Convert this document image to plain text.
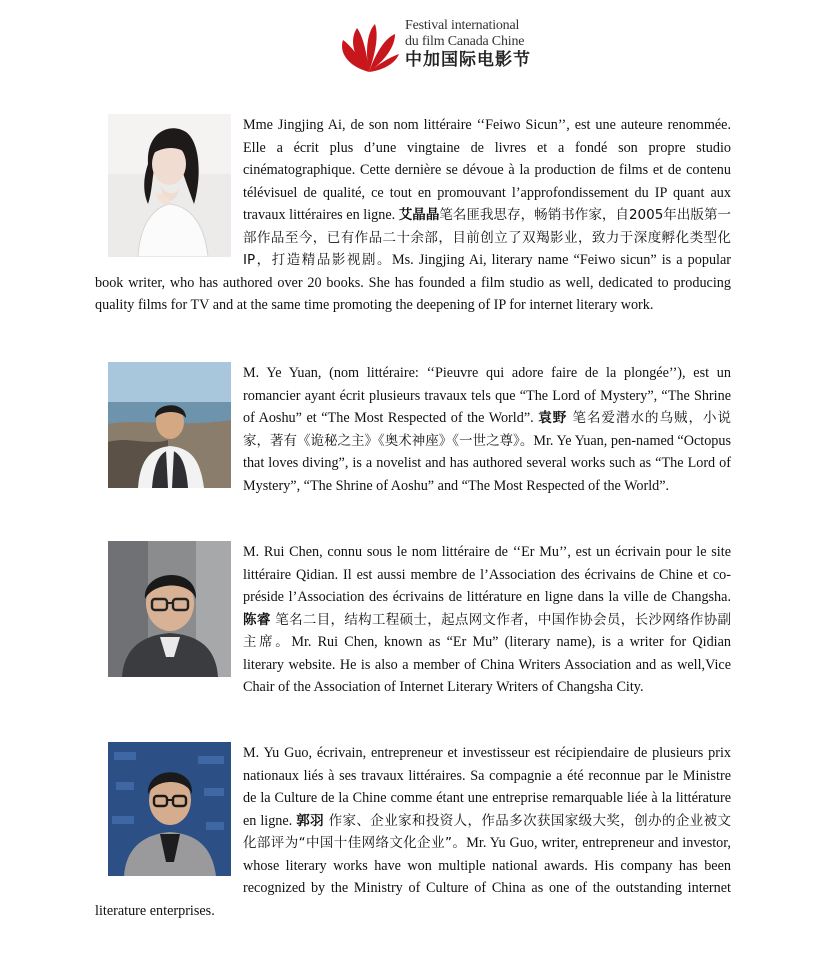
Festival international
du film Canada Chine
中加国际电影节

Mme Jingjing Ai, de son nom littéraire ‘‘Feiwo Sicun’’, est une auteure renommée. Elle a écrit plus d’une vingtaine de livres et a fondé son propre studio cinématographique. Cette dernière se dévoue à la production de films et de contenu télévisuel de qualité, ce tout en promouvant l’approfondissement du IP quant aux travaux littéraires en ligne. 艾晶晶笔名匪我思存，畅销书作家，自2005年出版第一部作品至今，已有作品二十余部，目前创立了双羯影业，致力于深度孵化类型化IP，打造精品影视剧。Ms. Jingjing Ai, literary name “Feiwo sicun” is a popular book writer, who has authored over 20 books. She has founded a film studio as well, dedicated to producing quality films for TV and at the same time promoting the deepening of IP for internet literary work.

M. Ye Yuan, (nom littéraire: ‘‘Pieuvre qui adore faire de la plongée’’), est un romancier ayant écrit plusieurs travaux tels que “The Lord of Mystery”, “The Shrine of Aoshu” et “The Most Respected of the World”. 袁野 笔名爱潜水的乌贼，小说家，著有《诡秘之主》《奥术神座》《一世之尊》。Mr. Ye Yuan, pen-named “Octopus that loves diving”, is a novelist and has authored several works such as “The Lord of Mystery”, “The Shrine of Aoshu” and “The Most Respected of the World”.

M. Rui Chen, connu sous le nom littéraire de ‘‘Er Mu’’, est un écrivain pour le site littéraire Qidian. Il est aussi membre de l’Association des écrivains de Chine et co-préside l’Association des écrivains de littérature en ligne dans la ville de Changsha. 陈睿 笔名二目，结构工程硕士，起点网文作者，中国作协会员，长沙网络作协副主席。Mr. Rui Chen, known as “Er Mu” (literary name), is a writer for Qidian literary website. He is also a member of China Writers Association and as well,Vice Chair of the Association of Internet Literary Writers of Changsha City.

M. Yu Guo, écrivain, entrepreneur et investisseur est récipiendaire de plusieurs prix nationaux liés à ses travaux littéraires. Sa compagnie a été reconnue par le Ministre de la Culture de la Chine comme étant une entreprise remarquable liée à la littérature en ligne. 郭羽 作家、企业家和投资人，作品多次获国家级大奖，创办的企业被文化部评为“中国十佳网络文化企业”。Mr. Yu Guo, writer, entrepreneur and investor, whose literary works have won multiple national awards. His company has been recognized by the Ministry of Culture of China as one of the outstanding internet literature enterprises.
